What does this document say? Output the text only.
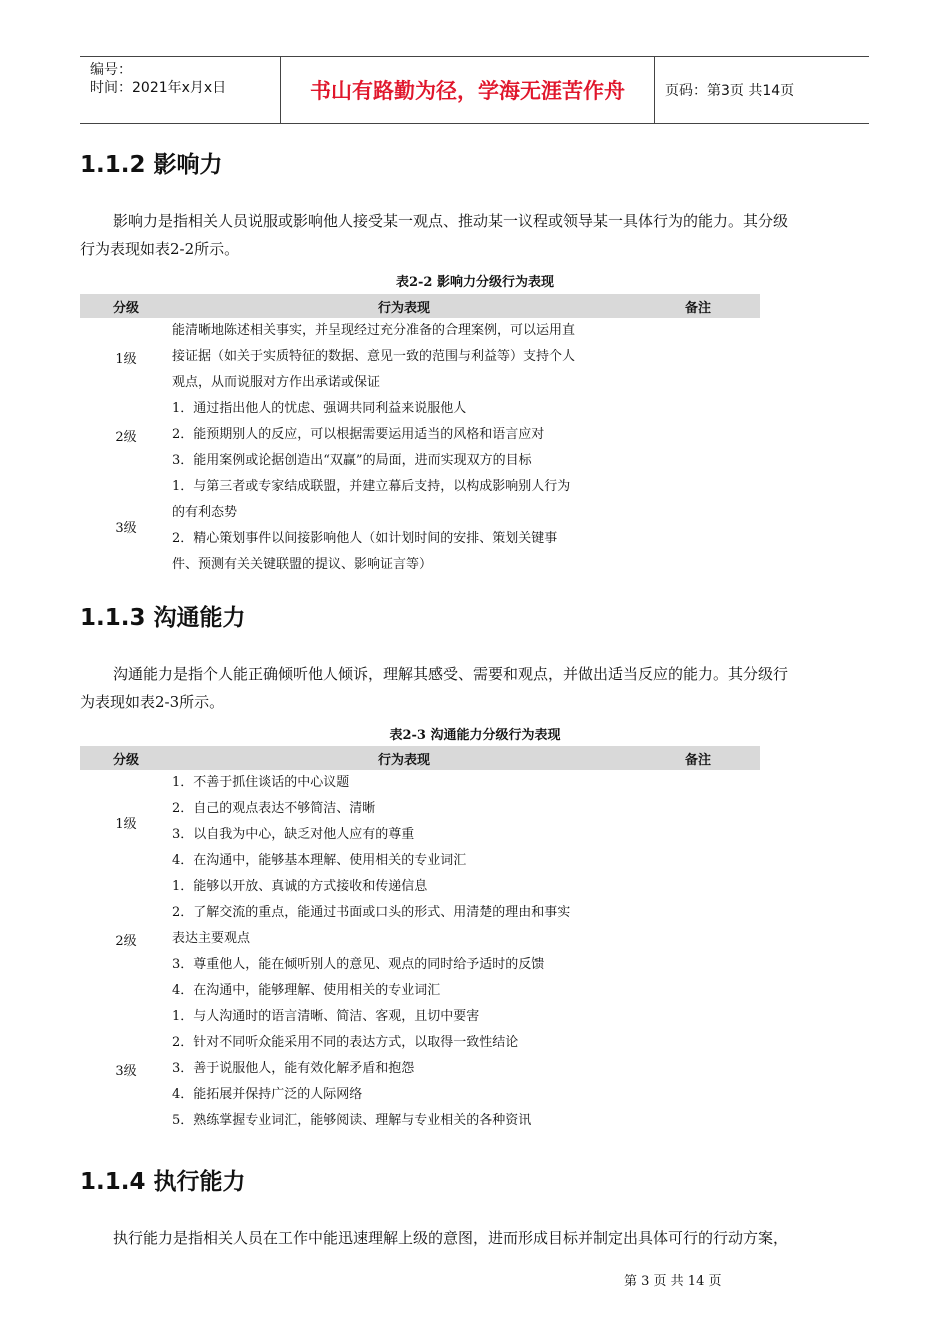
编号：
时间：2021年x月x日	书山有路勤为径，学海无涯苦作舟	页码：第3页 共14页
1.1.2 影响力
影响力是指相关人员说服或影响他人接受某一观点、推动某一议程或领导某一具体行为的能力。其分级
行为表现如表2-2所示。
表2-2 影响力分级行为表现
分级	行为表现	备注
1级	能清晰地陈述相关事实，并呈现经过充分准备的合理案例，可以运用直
接证据（如关于实质特征的数据、意见一致的范围与利益等）支持个人
观点，从而说服对方作出承诺或保证	

2级	1．通过指出他人的忧虑、强调共同利益来说服他人
2．能预期别人的反应，可以根据需要运用适当的风格和语言应对
3．能用案例或论据创造出“双赢”的局面，进而实现双方的目标	

3级	1．与第三者或专家结成联盟，并建立幕后支持，以构成影响别人行为
的有利态势
2．精心策划事件以间接影响他人（如计划时间的安排、策划关键事
件、预测有关关键联盟的提议、影响证言等）	

1.1.3 沟通能力
沟通能力是指个人能正确倾听他人倾诉，理解其感受、需要和观点，并做出适当反应的能力。其分级行
为表现如表2-3所示。
表2-3 沟通能力分级行为表现
分级	行为表现	备注
1级	1．不善于抓住谈话的中心议题
2．自己的观点表达不够简洁、清晰
3．以自我为中心，缺乏对他人应有的尊重
4．在沟通中，能够基本理解、使用相关的专业词汇	

2级	1．能够以开放、真诚的方式接收和传递信息
2．了解交流的重点，能通过书面或口头的形式、用清楚的理由和事实
表达主要观点
3．尊重他人，能在倾听别人的意见、观点的同时给予适时的反馈
4．在沟通中，能够理解、使用相关的专业词汇	

3级	1．与人沟通时的语言清晰、简洁、客观，且切中要害
2．针对不同听众能采用不同的表达方式，以取得一致性结论
3．善于说服他人，能有效化解矛盾和抱怨
4．能拓展并保持广泛的人际网络
5．熟练掌握专业词汇，能够阅读、理解与专业相关的各种资讯	

1.1.4 执行能力
执行能力是指相关人员在工作中能迅速理解上级的意图，进而形成目标并制定出具体可行的行动方案，
第 3 页 共 14 页
